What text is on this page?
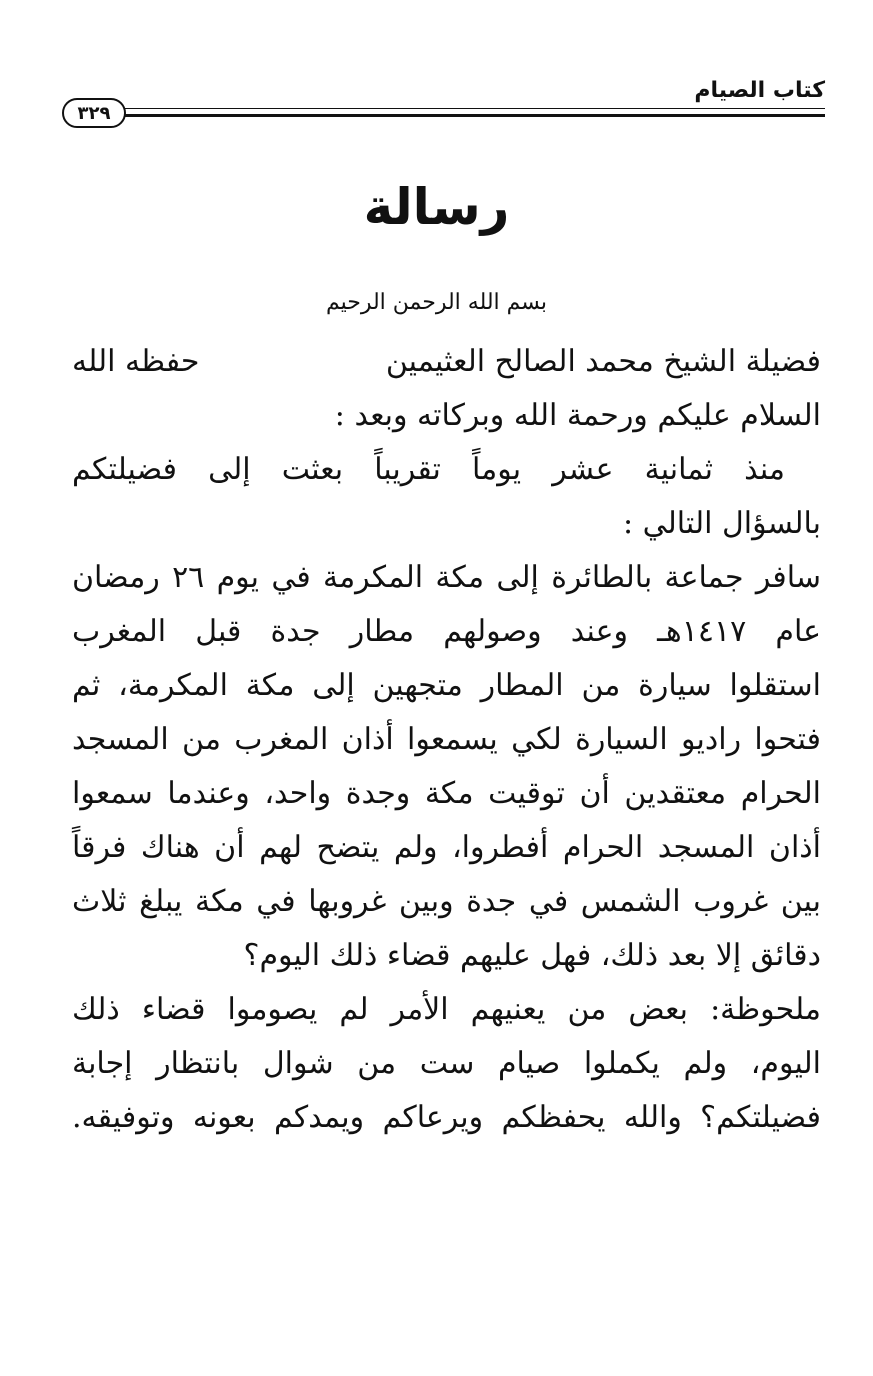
كتاب الصيام
٣٢٩
رسالة
بسم الله الرحمن الرحيم
فضيلة الشيخ محمد الصالح العثيمين
حفظه الله
السلام عليكم ورحمة الله وبركاته وبعد :
منذ ثمانية عشر يوماً تقريباً بعثت إلى فضيلتكم
بالسؤال التالي :
سافر جماعة بالطائرة إلى مكة المكرمة في يوم ٢٦ رمضان
عام ١٤١٧هـ وعند وصولهم مطار جدة قبل المغرب
استقلوا سيارة من المطار متجهين إلى مكة المكرمة، ثم
فتحوا راديو السيارة لكي يسمعوا أذان المغرب من المسجد
الحرام معتقدين أن توقيت مكة وجدة واحد، وعندما سمعوا
أذان المسجد الحرام أفطروا، ولم يتضح لهم أن هناك فرقاً
بين غروب الشمس في جدة وبين غروبها في مكة يبلغ ثلاث
دقائق إلا بعد ذلك، فهل عليهم قضاء ذلك اليوم؟
ملحوظة: بعض من يعنيهم الأمر لم يصوموا قضاء ذلك
اليوم، ولم يكملوا صيام ست من شوال بانتظار إجابة
فضيلتكم؟ والله يحفظكم ويرعاكم ويمدكم بعونه وتوفيقه.
